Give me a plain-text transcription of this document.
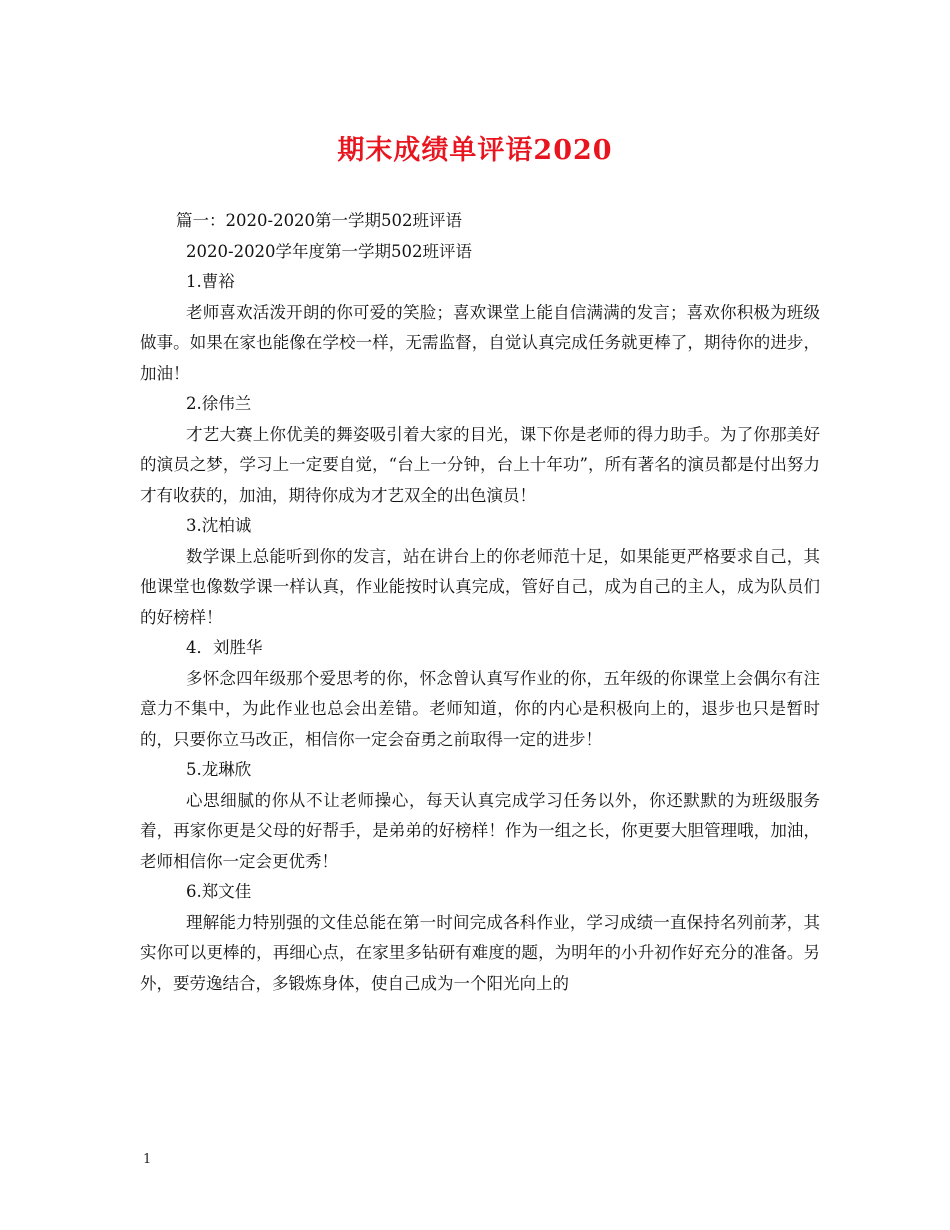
期末成绩单评语2020

篇一：2020-2020第一学期502班评语

2020-2020学年度第一学期502班评语

1.曹裕

老师喜欢活泼开朗的你可爱的笑脸；喜欢课堂上能自信满满的发言；喜欢你积极为班级做事。如果在家也能像在学校一样，无需监督，自觉认真完成任务就更棒了，期待你的进步，加油！

2.徐伟兰

才艺大赛上你优美的舞姿吸引着大家的目光，课下你是老师的得力助手。为了你那美好的演员之梦，学习上一定要自觉，“台上一分钟，台上十年功”，所有著名的演员都是付出努力才有收获的，加油，期待你成为才艺双全的出色演员！

3.沈柏诚

数学课上总能听到你的发言，站在讲台上的你老师范十足，如果能更严格要求自己，其他课堂也像数学课一样认真，作业能按时认真完成，管好自己，成为自己的主人，成为队员们的好榜样！

4．刘胜华

多怀念四年级那个爱思考的你，怀念曾认真写作业的你，五年级的你课堂上会偶尔有注意力不集中，为此作业也总会出差错。老师知道，你的内心是积极向上的，退步也只是暂时的，只要你立马改正，相信你一定会奋勇之前取得一定的进步！

5.龙琳欣

心思细腻的你从不让老师操心，每天认真完成学习任务以外，你还默默的为班级服务着，再家你更是父母的好帮手，是弟弟的好榜样！作为一组之长，你更要大胆管理哦，加油，老师相信你一定会更优秀！

6.郑文佳

理解能力特别强的文佳总能在第一时间完成各科作业，学习成绩一直保持名列前茅，其实你可以更棒的，再细心点，在家里多钻研有难度的题，为明年的小升初作好充分的准备。另外，要劳逸结合，多锻炼身体，使自己成为一个阳光向上的

1
